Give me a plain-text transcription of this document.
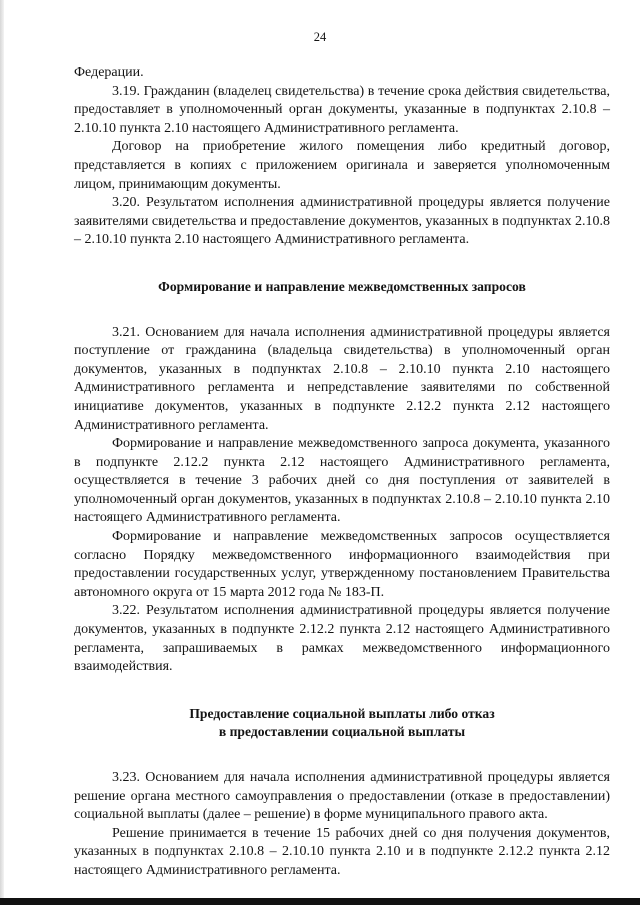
24

Федерации.

3.19. Гражданин (владелец свидетельства) в течение срока действия свидетельства, предоставляет в уполномоченный орган документы, указанные в подпунктах 2.10.8 – 2.10.10 пункта 2.10 настоящего Административного регламента.

Договор на приобретение жилого помещения либо кредитный договор, представляется в копиях с приложением оригинала и заверяется уполномоченным лицом, принимающим документы.

3.20. Результатом исполнения административной процедуры является получение заявителями свидетельства и предоставление документов, указанных в подпунктах 2.10.8 – 2.10.10 пункта 2.10 настоящего Административного регламента.

Формирование и направление межведомственных запросов

3.21. Основанием для начала исполнения административной процедуры является поступление от гражданина (владельца свидетельства) в уполномоченный орган документов, указанных в подпунктах 2.10.8 – 2.10.10 пункта 2.10 настоящего Административного регламента и непредставление заявителями по собственной инициативе документов, указанных в подпункте 2.12.2 пункта 2.12 настоящего Административного регламента.

Формирование и направление межведомственного запроса документа, указанного в подпункте 2.12.2 пункта 2.12 настоящего Административного регламента, осуществляется в течение 3 рабочих дней со дня поступления от заявителей в уполномоченный орган документов, указанных в подпунктах 2.10.8 – 2.10.10 пункта 2.10 настоящего Административного регламента.

Формирование и направление межведомственных запросов осуществляется согласно Порядку межведомственного информационного взаимодействия при предоставлении государственных услуг, утвержденному постановлением Правительства автономного округа от 15 марта 2012 года № 183-П.

3.22. Результатом исполнения административной процедуры является получение документов, указанных в подпункте 2.12.2 пункта 2.12 настоящего Административного регламента, запрашиваемых в рамках межведомственного информационного взаимодействия.

Предоставление социальной выплаты либо отказ

в предоставлении социальной выплаты

3.23. Основанием для начала исполнения административной процедуры является решение органа местного самоуправления о предоставлении (отказе в предоставлении) социальной выплаты (далее – решение) в форме муниципального правого акта.

Решение принимается в течение 15 рабочих дней со дня получения документов, указанных в подпунктах 2.10.8 – 2.10.10 пункта 2.10 и в подпункте 2.12.2 пункта 2.12 настоящего Административного регламента.
